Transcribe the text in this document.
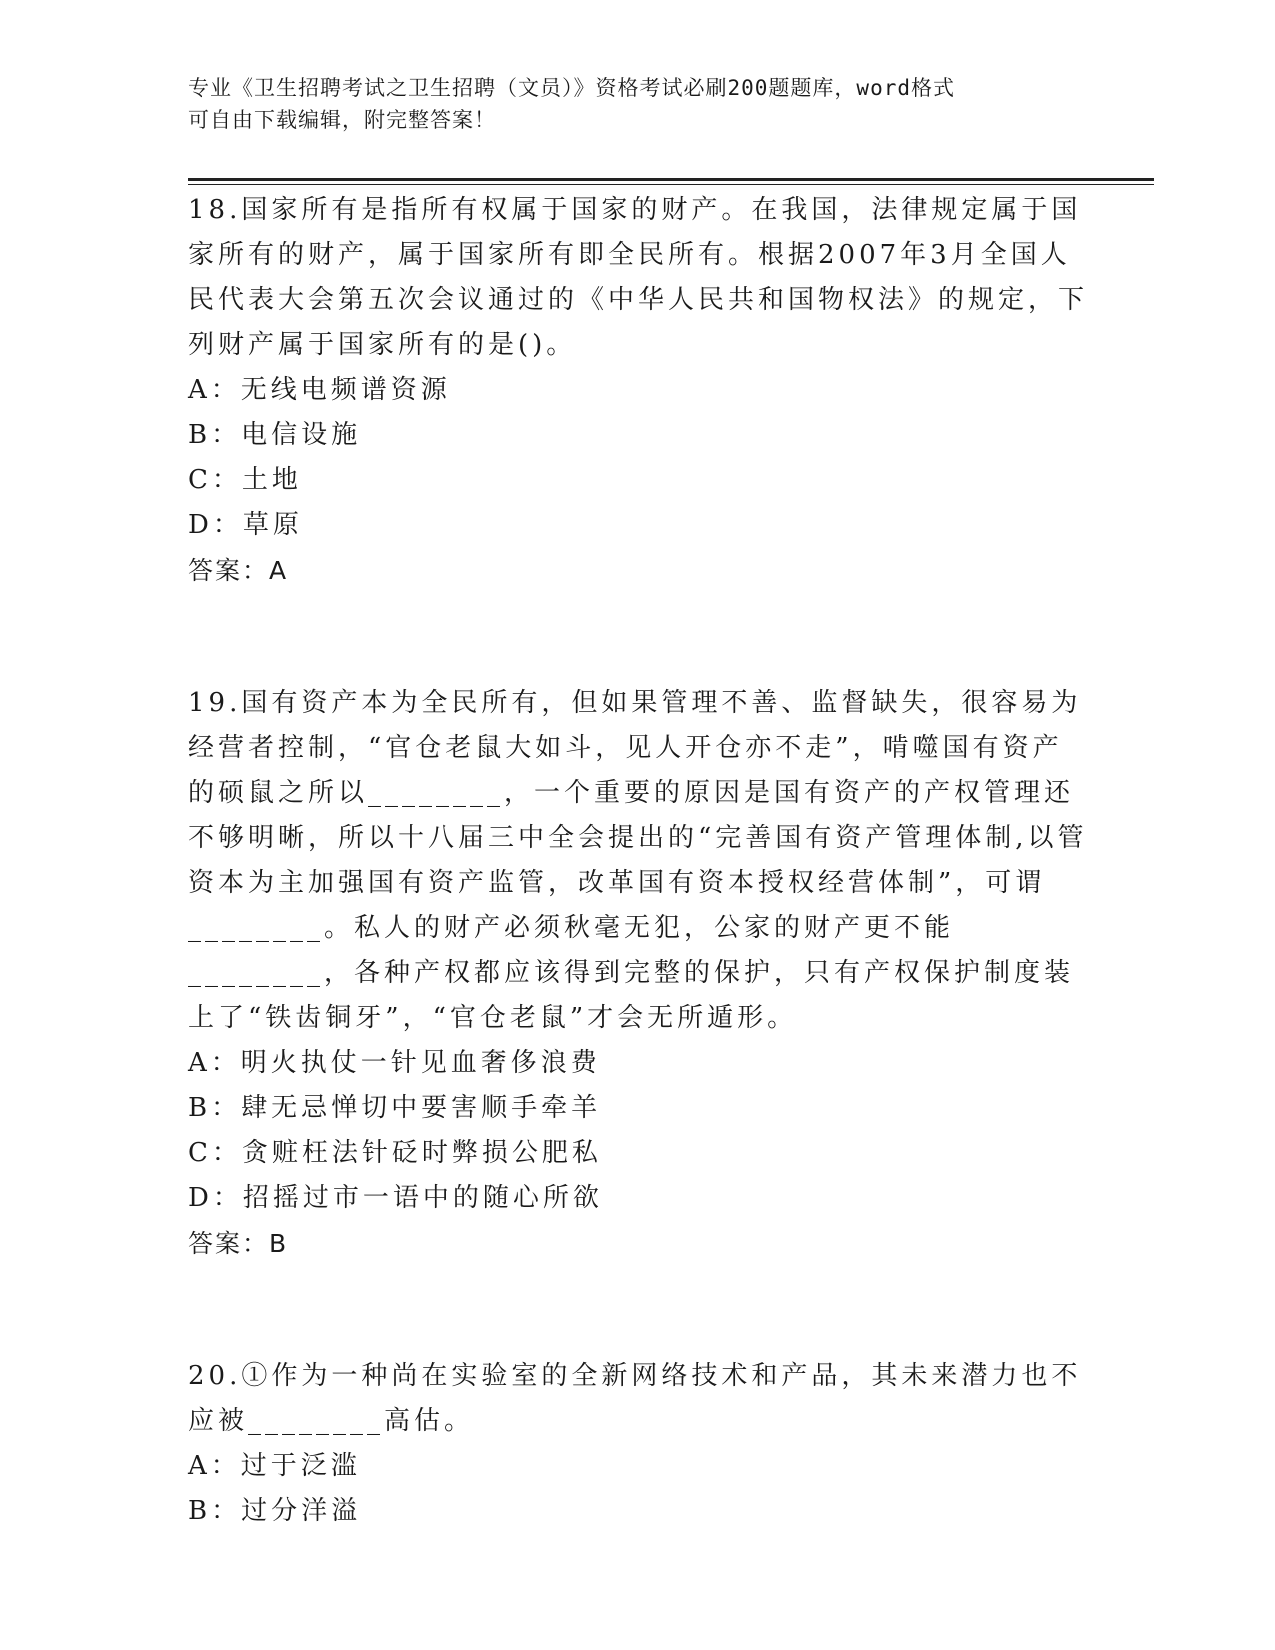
专业《卫生招聘考试之卫生招聘（文员）》资格考试必刷200题题库，word格式
可自由下载编辑，附完整答案！

18.国家所有是指所有权属于国家的财产。在我国，法律规定属于国家所有的财产，属于国家所有即全民所有。根据2007年3月全国人民代表大会第五次会议通过的《中华人民共和国物权法》的规定，下列财产属于国家所有的是()。

A：无线电频谱资源

B：电信设施

C：土地

D：草原

答案：A

19.国有资产本为全民所有，但如果管理不善、监督缺失，很容易为经营者控制，“官仓老鼠大如斗，见人开仓亦不走”，啃噬国有资产的硕鼠之所以________，一个重要的原因是国有资产的产权管理还不够明晰，所以十八届三中全会提出的“完善国有资产管理体制,以管资本为主加强国有资产监管，改革国有资本授权经营体制”，可谓________。私人的财产必须秋毫无犯，公家的财产更不能________，各种产权都应该得到完整的保护，只有产权保护制度装上了“铁齿铜牙”，“官仓老鼠”才会无所遁形。

A：明火执仗一针见血奢侈浪费

B：肆无忌惮切中要害顺手牵羊

C：贪赃枉法针砭时弊损公肥私

D：招摇过市一语中的随心所欲

答案：B

20.①作为一种尚在实验室的全新网络技术和产品，其未来潜力也不应被________高估。

A：过于泛滥

B：过分洋溢
